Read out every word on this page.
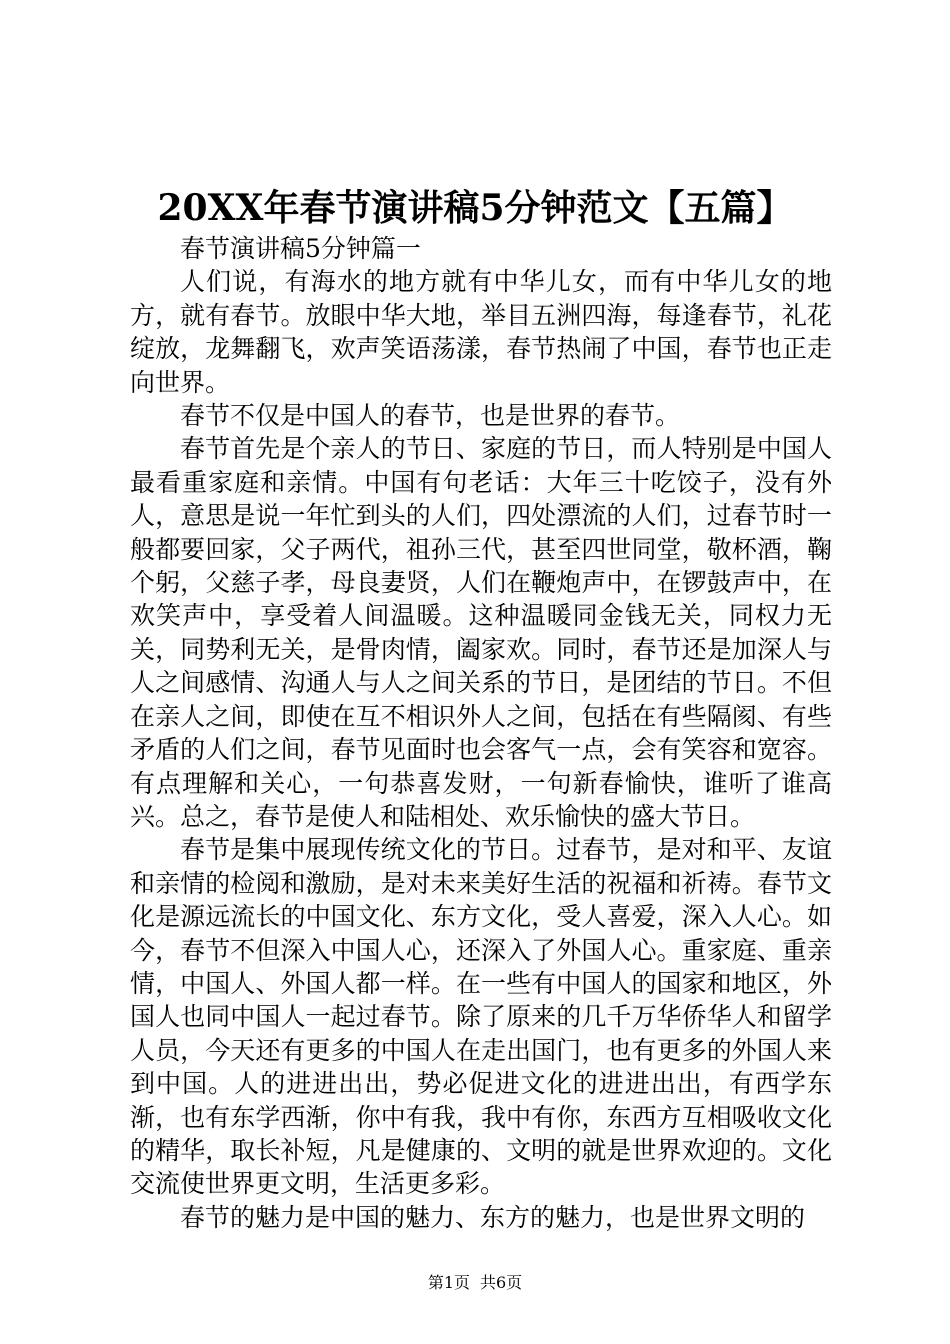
20XX年春节演讲稿5分钟范文【五篇】

春节演讲稿5分钟篇一

人们说，有海水的地方就有中华儿女，而有中华儿女的地方，就有春节。放眼中华大地，举目五洲四海，每逢春节，礼花绽放，龙舞翻飞，欢声笑语荡漾，春节热闹了中国，春节也正走向世界。

春节不仅是中国人的春节，也是世界的春节。

春节首先是个亲人的节日、家庭的节日，而人特别是中国人最看重家庭和亲情。中国有句老话：大年三十吃饺子，没有外人，意思是说一年忙到头的人们，四处漂流的人们，过春节时一般都要回家，父子两代，祖孙三代，甚至四世同堂，敬杯酒，鞠个躬，父慈子孝，母良妻贤，人们在鞭炮声中，在锣鼓声中，在欢笑声中，享受着人间温暖。这种温暖同金钱无关，同权力无关，同势利无关，是骨肉情，阖家欢。同时，春节还是加深人与人之间感情、沟通人与人之间关系的节日，是团结的节日。不但在亲人之间，即使在互不相识外人之间，包括在有些隔阂、有些矛盾的人们之间，春节见面时也会客气一点，会有笑容和宽容。有点理解和关心，一句恭喜发财，一句新春愉快，谁听了谁高兴。总之，春节是使人和陆相处、欢乐愉快的盛大节日。

春节是集中展现传统文化的节日。过春节，是对和平、友谊和亲情的检阅和激励，是对未来美好生活的祝福和祈祷。春节文化是源远流长的中国文化、东方文化，受人喜爱，深入人心。如今，春节不但深入中国人心，还深入了外国人心。重家庭、重亲情，中国人、外国人都一样。在一些有中国人的国家和地区，外国人也同中国人一起过春节。除了原来的几千万华侨华人和留学人员，今天还有更多的中国人在走出国门，也有更多的外国人来到中国。人的进进出出，势必促进文化的进进出出，有西学东渐，也有东学西渐，你中有我，我中有你，东西方互相吸收文化的精华，取长补短，凡是健康的、文明的就是世界欢迎的。文化交流使世界更文明，生活更多彩。

春节的魅力是中国的魅力、东方的魅力，也是世界文明的

第1页 共6页
